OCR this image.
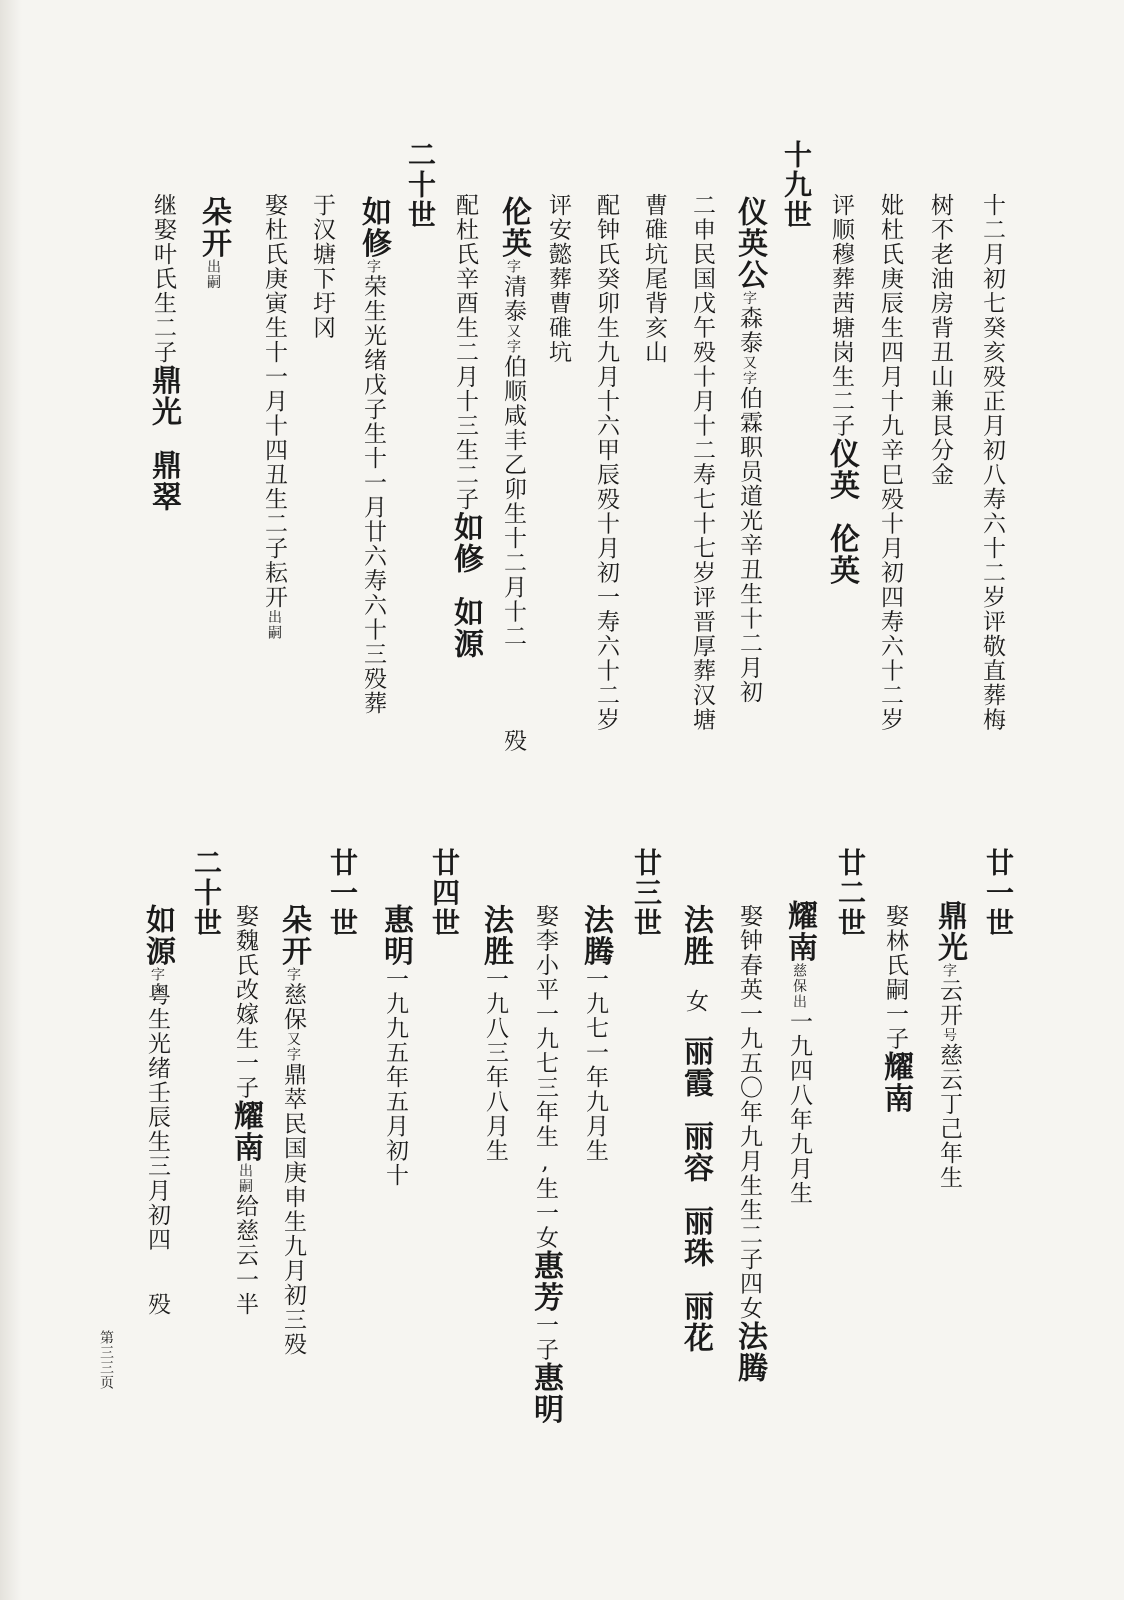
十二月初七癸亥殁正月初八寿六十二岁评敬直葬梅
树不老油房背丑山兼艮分金
妣杜氏庚辰生四月十九辛巳殁十月初四寿六十二岁
评顺穆葬茜塘岗生二子仪英伦英
十九世
仪英公字森泰又字伯霖职员道光辛丑生十二月初
二申民国戊午殁十月十二寿七十七岁评晋厚葬汉塘
曹碓坑尾背亥山
配钟氏癸卯生九月十六甲辰殁十月初一寿六十二岁
评安懿葬曹碓坑
伦英字清泰又字伯顺咸丰乙卯生十二月十二殁
配杜氏辛酉生二月十三生二子如修如源
二十世
如修字荣生光绪戊子生十一月廿六寿六十三殁葬
于汉塘下圩冈
娶杜氏庚寅生十一月十四丑生二子耘开出嗣
朵开出嗣
继娶叶氏生二子鼎光鼎翠
廿一世
鼎光字云开号慈云丁己年生
娶林氏嗣一子耀南
廿二世
耀南慈保出一九四八年九月生
娶钟春英一九五〇年九月生生二子四女法腾
法胜女丽霞丽容丽珠丽花
廿三世
法腾一九七一年九月生
娶李小平一九七三年生,生一女惠芳一子惠明
法胜一九八三年八月生
廿四世
惠明一九九五年五月初十
廿一世
朵开字慈保又字鼎萃民国庚申生九月初三殁
娶魏氏改嫁生一子耀南出嗣给慈云一半
二十世
如源字粤生光绪壬辰生三月初四殁
第三三页
